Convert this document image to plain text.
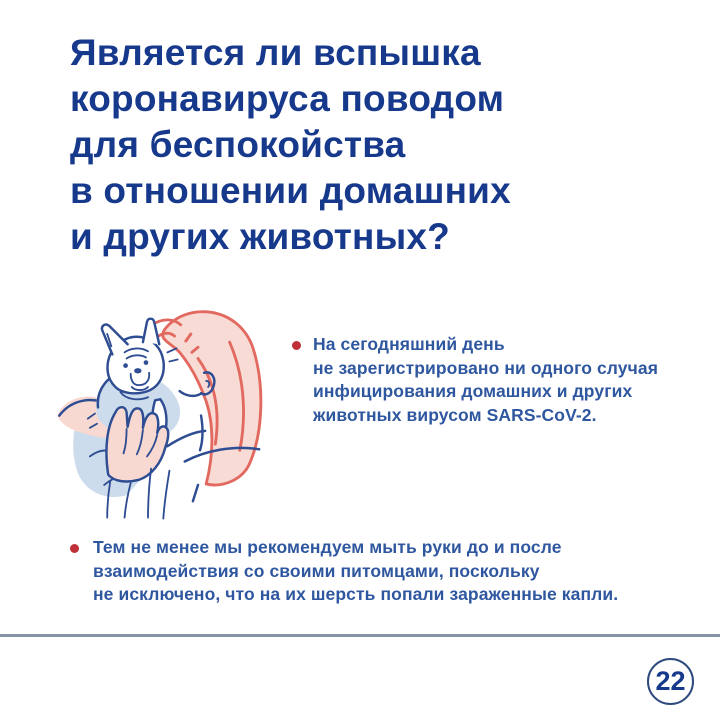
Является ли вспышка
коронавируса поводом
для беспокойства
в отношении домашних
и других животных?
На сегодняшний день
не зарегистрировано ни одного случая
инфицирования домашних и других
животных вирусом SARS-CoV-2.
Тем не менее мы рекомендуем мыть руки до и после
взаимодействия со своими питомцами, поскольку
не исключено, что на их шерсть попали зараженные капли.
22
